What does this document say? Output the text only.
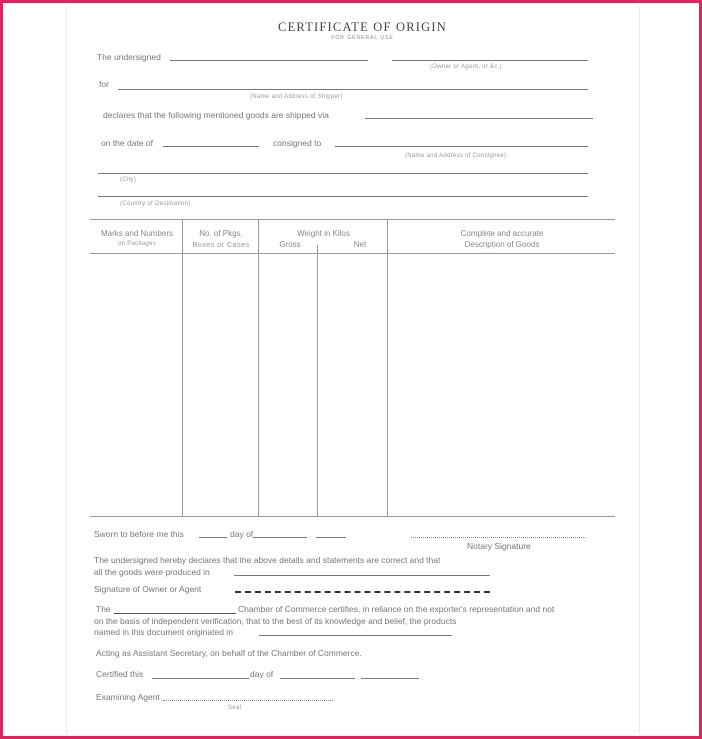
CERTIFICATE OF ORIGIN
FOR GENERAL USE
The undersigned
(Owner or Agent, or &c.)
for
(Name and Address of Shipper)
declares that the following mentioned goods are shipped via
on the date of	consigned to
(Name and Address of Consignee)
(City)
(Country of Destination)
Marks and Numbers
on Packages
No. of Pkgs.
Boxes or Cases
Weight in Kilos
Gross	Net
Complete and accurate
Description of Goods
Sworn to before me this	day of
Notary Signature
The undersigned hereby declares that the above details and statements are correct and that
all the goods were produced in
Signature of Owner or Agent
The	Chamber of Commerce certifies, in reliance on the exporter's representation and not
on the basis of independent verification, that to the best of its knowledge and belief, the products
named in this document originated in
Acting as Assistant Secretary, on behalf of the Chamber of Commerce.
Certified this	day of
Examining Agent
Seal
